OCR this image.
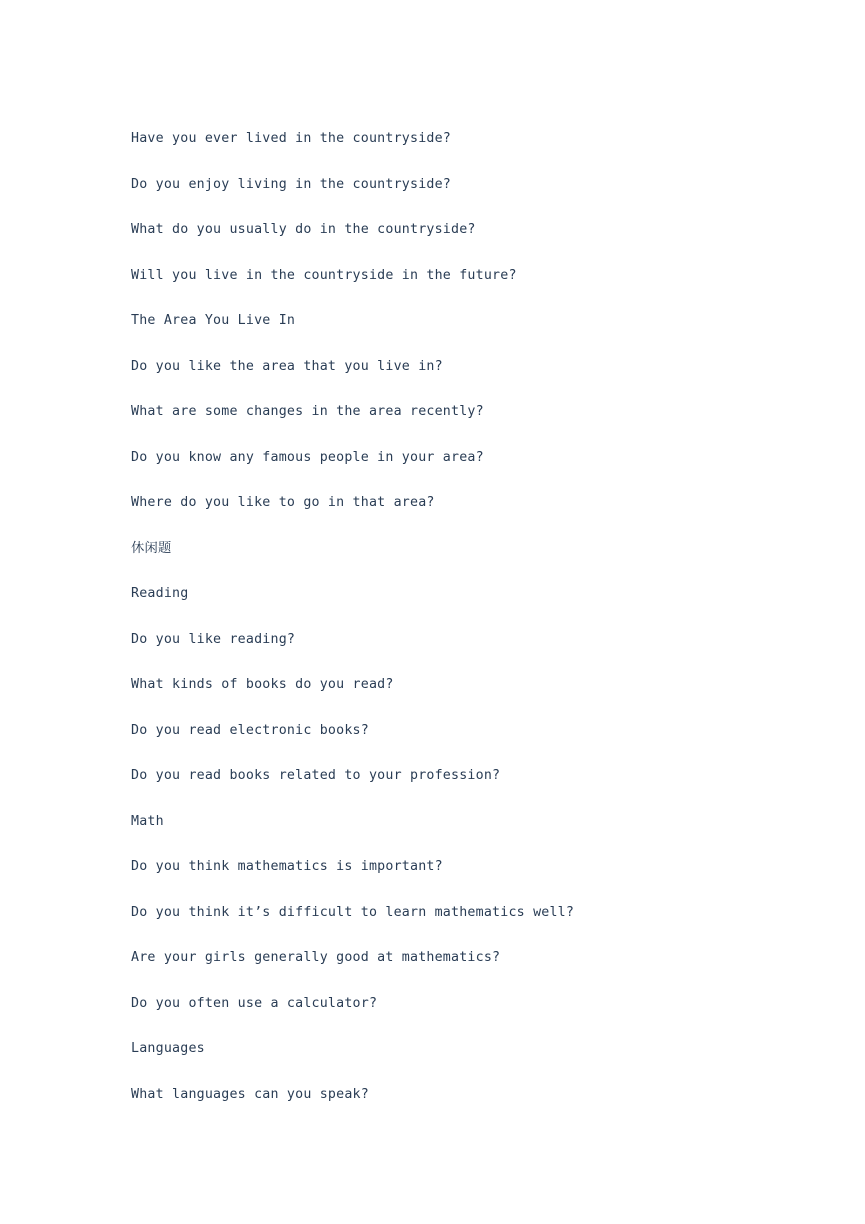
Have you ever lived in the countryside?
Do you enjoy living in the countryside?
What do you usually do in the countryside?
Will you live in the countryside in the future?
The Area You Live In
Do you like the area that you live in?
What are some changes in the area recently?
Do you know any famous people in your area?
Where do you like to go in that area?
休闲题
Reading
Do you like reading?
What kinds of books do you read?
Do you read electronic books?
Do you read books related to your profession?
Math
Do you think mathematics is important?
Do you think it’s difficult to learn mathematics well?
Are your girls generally good at mathematics?
Do you often use a calculator?
Languages
What languages can you speak?
